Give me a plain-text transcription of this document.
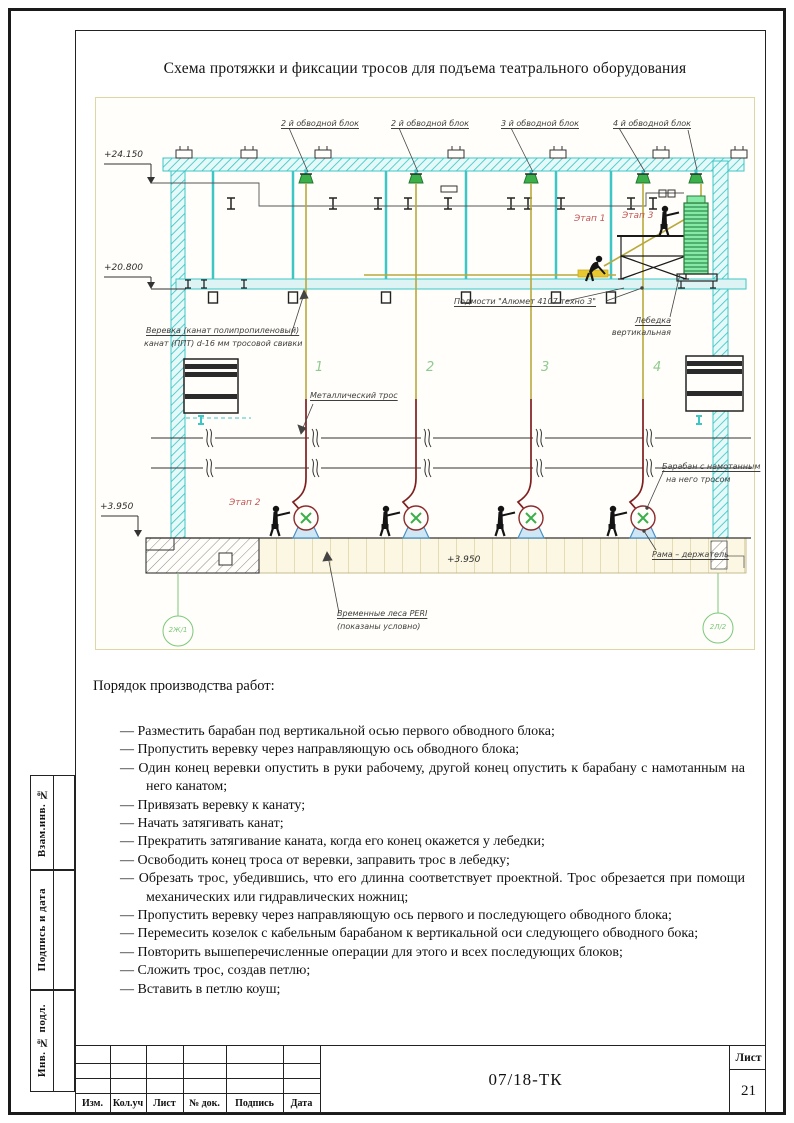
Схема протяжки и фиксации тросов для подъема театрального оборудования
2 й обводной блок	2 й обводной блок	3 й обводной блок	4 й обводной блок
+24.150
+20.800
+3.950
+3.950
Этап 1 Этап 3
Этап 2
Веревка (канат полипропиленовый)
канат (ППТ) d-16 мм тросовой свивки
Металлический трос
Подмости "Алюмет 4107 техно 3"
Лебедка
вертикальная
Барабан с намотанным
на него тросом
Рама – держатель
Временные леса PERI
(показаны условно)
1	2	3	4
2Ж/1	2Л/2
Порядок производства работ:
— Разместить барабан под вертикальной осью первого обводного блока;
— Пропустить веревку через направляющую ось обводного блока;
— Один конец веревки опустить в руки рабочему, другой конец опустить к барабану с намотанным на него канатом;
— Привязать веревку к канату;
— Начать затягивать канат;
— Прекратить затягивание каната, когда его конец окажется у лебедки;
— Освободить конец троса от веревки, заправить трос в лебедку;
— Обрезать трос, убедившись, что его длинна соответствует проектной. Трос обрезается при помощи механических или гидравлических ножниц;
— Пропустить веревку через направляющую ось первого и последующего обводного блока;
— Перемесить козелок с кабельным барабаном к вертикальной оси следующего обводного бока;
— Повторить вышеперечисленные операции для этого и всех последующих блоков;
— Сложить трос, создав петлю;
— Вставить в петлю коуш;
Взам.инв. №
Подпись и дата
Инв. № подл.
Изм. Кол.уч	Лист	№ док.	Подпись	Дата
07/18-ТК
Лист
21
